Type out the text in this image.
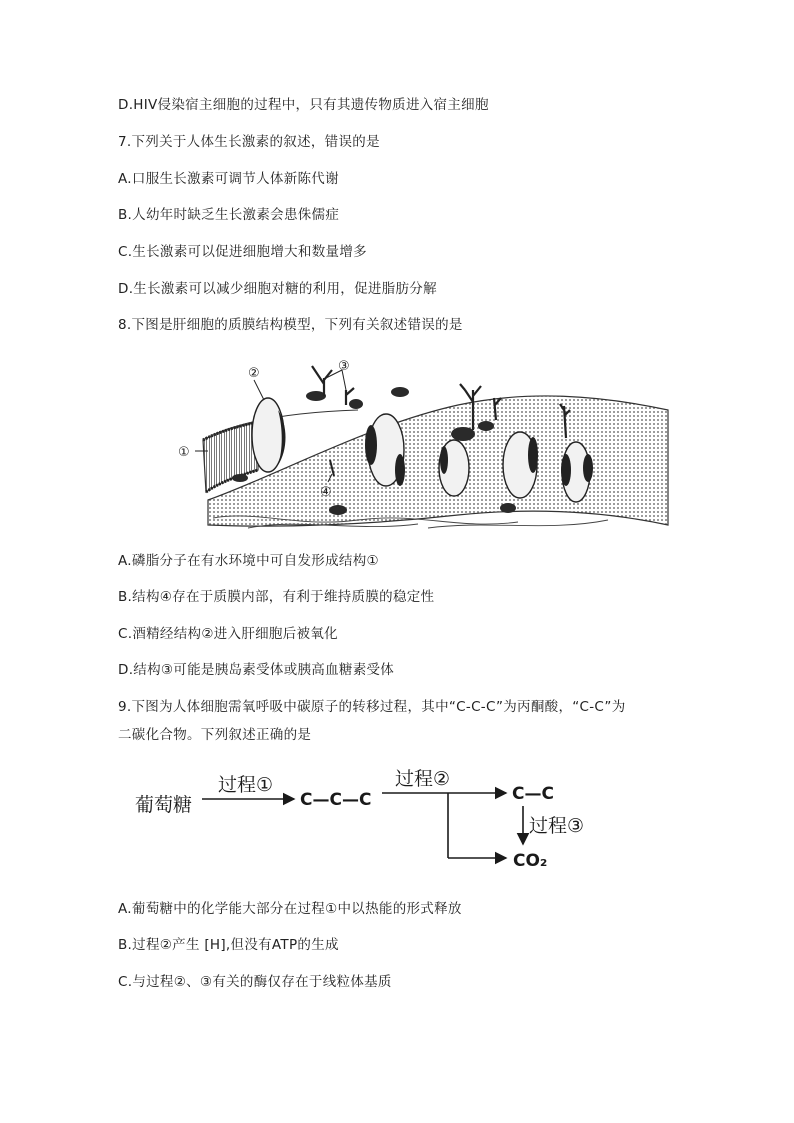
D.HIV侵染宿主细胞的过程中，只有其遗传物质进入宿主细胞
7.下列关于人体生长激素的叙述，错误的是
A.口服生长激素可调节人体新陈代谢
B.人幼年时缺乏生长激素会患侏儒症
C.生长激素可以促进细胞增大和数量增多
D.生长激素可以减少细胞对糖的利用，促进脂肪分解
8.下图是肝细胞的质膜结构模型，下列有关叙述错误的是
②	③
①
④
A.磷脂分子在有水环境中可自发形成结构①
B.结构④存在于质膜内部，有利于维持质膜的稳定性
C.酒精经结构②进入肝细胞后被氧化
D.结构③可能是胰岛素受体或胰高血糖素受体
9.下图为人体细胞需氧呼吸中碳原子的转移过程，其中“C-C-C”为丙酮酸，“C-C”为
二碳化合物。下列叙述正确的是
葡萄糖
过程①
C—C—C
过程②
C—C
过程③
CO₂
A.葡萄糖中的化学能大部分在过程①中以热能的形式释放
B.过程②产生 [H],但没有ATP的生成
C.与过程②、③有关的酶仅存在于线粒体基质
